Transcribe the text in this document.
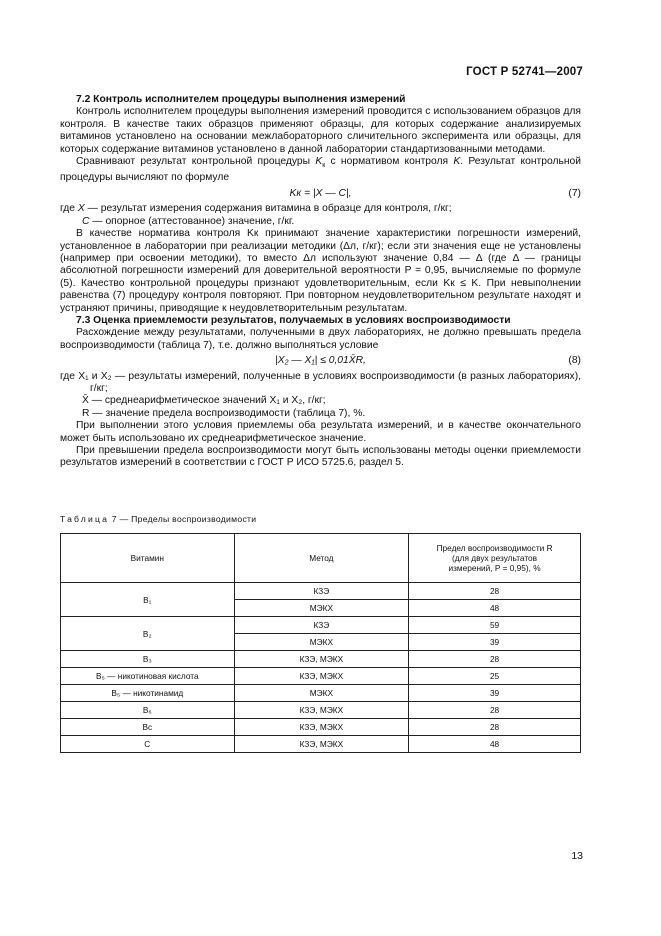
ГОСТ Р 52741—2007

7.2 Контроль исполнителем процедуры выполнения измерений

Контроль исполнителем процедуры выполнения измерений проводится с использованием образцов для контроля. В качестве таких образцов применяют образцы, для которых содержание анализируемых витаминов установлено на основании межлабораторного сличительного эксперимента или образцы, для которых содержание витаминов установлено в данной лаборатории стандартизованными методами.

Сравнивают результат контрольной процедуры $K_к$ с нормативом контроля K. Результат контрольной процедуры вычисляют по формуле

Kк = |X — C|,	(7)

где X — результат измерения содержания витамина в образце для контроля, г/кг;

C — опорное (аттестованное) значение, г/кг.

В качестве норматива контроля Kк принимают значение характеристики погрешности измерений, установленное в лаборатории при реализации методики (Δл, г/кг); если эти значения еще не установлены (например при освоении методики), то вместо Δл используют значение 0,84 — Δ (где Δ — границы абсолютной погрешности измерений для доверительной вероятности P = 0,95, вычисляемые по формуле (5). Качество контрольной процедуры признают удовлетворительным, если Kк ≤ K. При невыполнении равенства (7) процедуру контроля повторяют. При повторном неудовлетворительном результате находят и устраняют причины, приводящие к неудовлетворительным результатам.

7.3 Оценка приемлемости результатов, получаемых в условиях воспроизводимости

Расхождение между результатами, полученными в двух лабораториях, не должно превышать предела воспроизводимости (таблица 7), т.е. должно выполняться условие

|X₂ — X₁| ≤ 0,01X̄R,	(8)

где X₁ и X₂ — результаты измерений, полученные в условиях воспроизводимости (в разных лабораториях), г/кг;

X̄ — среднеарифметическое значений X₁ и X₂, г/кг;

R — значение предела воспроизводимости (таблица 7), %.

При выполнении этого условия приемлемы оба результата измерений, и в качестве окончательного может быть использовано их среднеарифметическое значение.

При превышении предела воспроизводимости могут быть использованы методы оценки приемлемости результатов измерений в соответствии с ГОСТ Р ИСО 5725.6, раздел 5.

Таблица 7 — Пределы воспроизводимости
Витамин	Метод	Предел воспроизводимости R (для двух результатов измерений, P = 0,95), %
B₁	КЗЭ	28
	МЭКХ	48
B₂	КЗЭ	59
	МЭКХ	39
B₃	КЗЭ, МЭКХ	28
B₅ — никотиновая кислота	КЗЭ, МЭКХ	25
B₅ — никотинамид	МЭКХ	39
B₆	КЗЭ, МЭКХ	28
Bс	КЗЭ, МЭКХ	28
C	КЗЭ, МЭКХ	48
13
